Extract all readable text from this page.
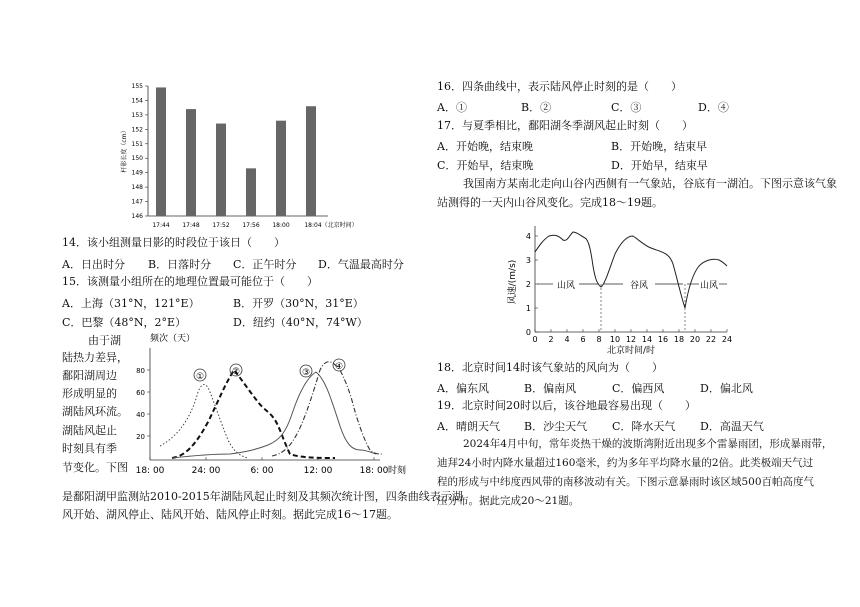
155
154
153
152
151
150
149
148
147
146
17:44 17:48 17:52 17:56 18:00 18:04（北京时间）
杆影长度（cm）
14．该小组测量日影的时段位于该日（　　）
A．日出时分 B．日落时分 C．正午时分 D．气温最高时分
15．该测量小组所在的地理位置最可能位于（　　）
A．上海（31°N，121°E）	B．开罗（30°N，31°E）
C．巴黎（48°N，2°E）	D．纽约（40°N，74°W）
由于湖
陆热力差异，
鄱阳湖周边
形成明显的
湖陆风环流。
湖陆风起止
时刻具有季
节变化。下图
是鄱阳湖甲监测站2010-2015年湖陆风起止时刻及其频次统计图，四条曲线表示湖
风开始、湖风停止、陆风开始、陆风停止时刻。据此完成16～17题。
频次（天）
80
60
40
20
18: 00	24: 00	6: 00	12: 00	18: 00
①	②	③
④
时刻
16．四条曲线中，表示陆风停止时刻的是（　　）
A．①	B．②	C．③	D．④
17．与夏季相比，鄱阳湖冬季湖风起止时刻（　　）
A．开始晚，结束晚	B．开始晚，结束早
C．开始早，结束晚	D．开始早，结束早
我国南方某南北走向山谷内西侧有一气象站，谷底有一湖泊。下图示意该气象
站测得的一天内山谷风变化。完成18～19题。
风速/(m/s)
0
1
2
3
4
0 2 4 6 8 10 12 14 16 18 20 22 24
山风	谷风	山风
北京时间/时
18．北京时间14时该气象站的风向为（　　）
A．偏东风	B．偏南风	C．偏西风	D．偏北风
19．北京时间20时以后，该谷地最容易出现（　　）
A．晴朗天气 B．沙尘天气 C．降水天气 D．高温天气
2024年4月中旬，常年炎热干燥的波斯湾附近出现多个雷暴雨团，形成暴雨带，
迪拜24小时内降水量超过160毫米，约为多年平均降水量的2倍。此类极端天气过
程的形成与中纬度西风带的南移波动有关。下图示意暴雨时该区域500百帕高度气
压分布。据此完成20～21题。
